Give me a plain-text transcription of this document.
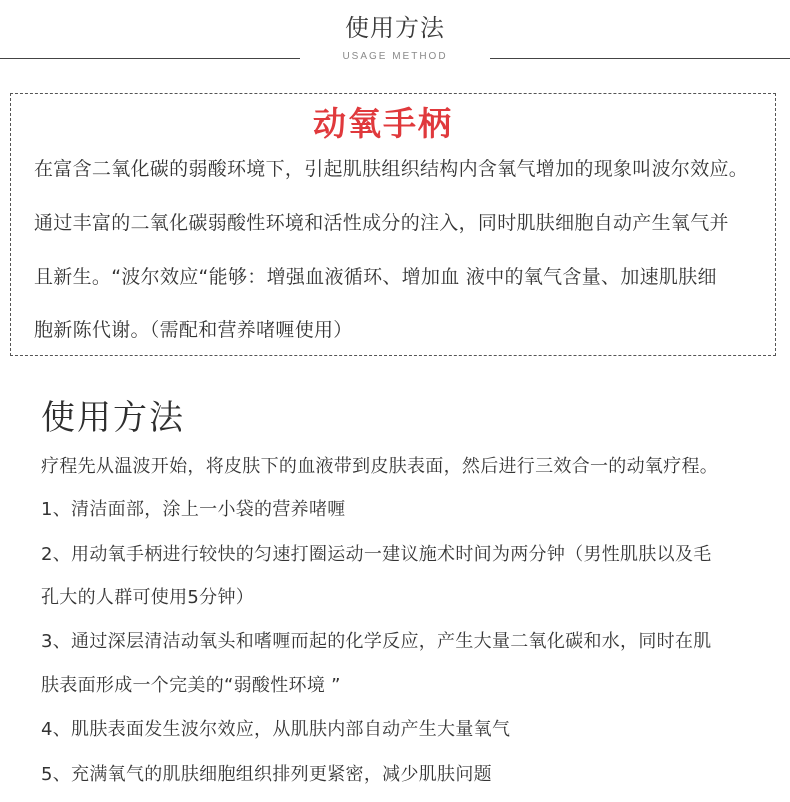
使用方法
USAGE METHOD
动氧手柄
在富含二氧化碳的弱酸环境下，引起肌肤组织结构内含氧气增加的现象叫波尔效应。
通过丰富的二氧化碳弱酸性环境和活性成分的注入，同时肌肤细胞自动产生氧气并
且新生。“波尔效应“能够：增强血液循环、增加血 液中的氧气含量、加速肌肤细
胞新陈代谢。（需配和营养啫喱使用）
使用方法
疗程先从温波开始，将皮肤下的血液带到皮肤表面，然后进行三效合一的动氧疗程。
1、清洁面部，涂上一小袋的营养啫喱
2、用动氧手柄进行较快的匀速打圈运动一建议施术时间为两分钟（男性肌肤以及毛
孔大的人群可使用5分钟）
3、通过深层清洁动氧头和嗜喱而起的化学反应，产生大量二氧化碳和水，同时在肌
肤表面形成一个完美的“弱酸性环境 ”
4、肌肤表面发生波尔效应，从肌肤内部自动产生大量氧气
5、充满氧气的肌肤细胞组织排列更紧密，减少肌肤问题
